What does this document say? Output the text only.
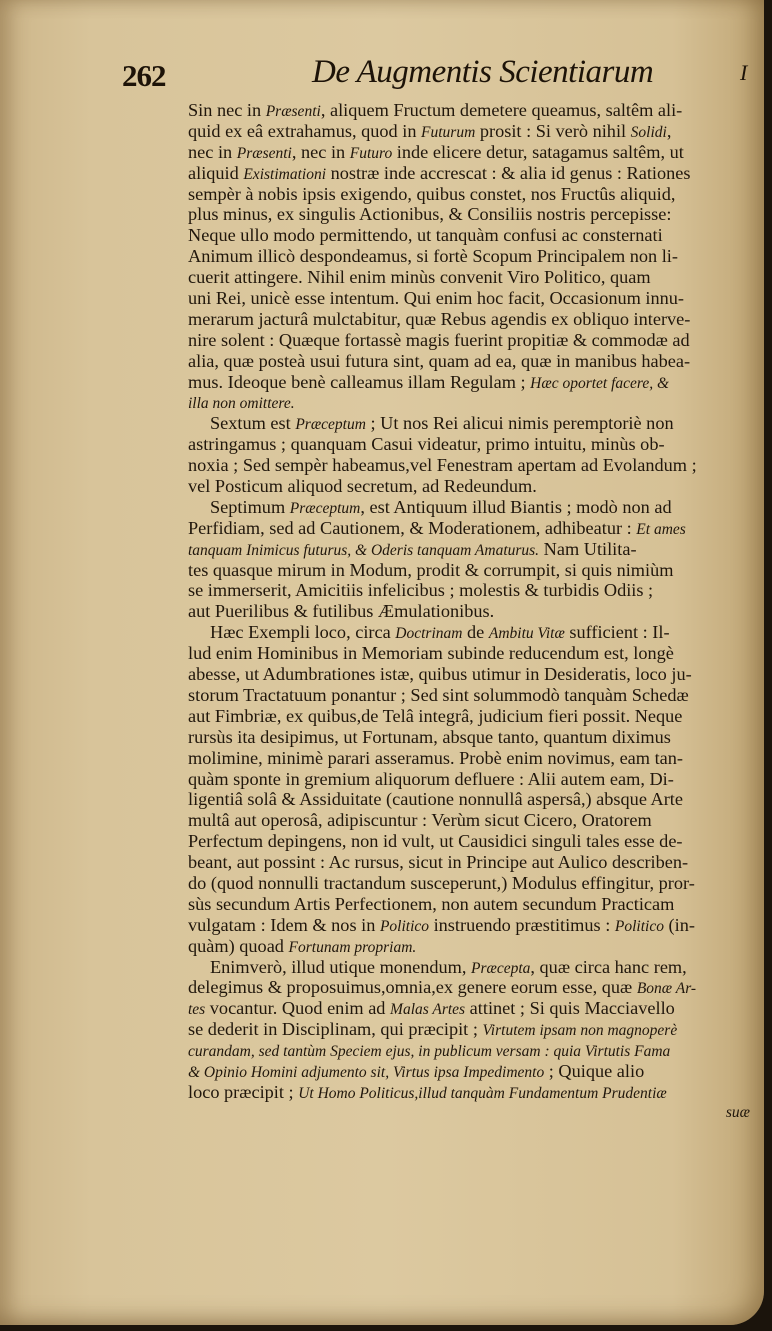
262	De Augmentis Scientiarum	I
Sin nec in Præsenti, aliquem Fructum demetere queamus, saltêm ali-
quid ex eâ extrahamus, quod in Futurum prosit : Si verò nihil Solidi,
nec in Præsenti, nec in Futuro inde elicere detur, satagamus saltêm, ut
aliquid Existimationi nostræ inde accrescat : & alia id genus : Rationes
sempèr à nobis ipsis exigendo, quibus constet, nos Fructûs aliquid,
plus minus, ex singulis Actionibus, & Consiliis nostris percepisse:
Neque ullo modo permittendo, ut tanquàm confusi ac consternati
Animum illicò despondeamus, si fortè Scopum Principalem non li-
cuerit attingere. Nihil enim minùs convenit Viro Politico, quam
uni Rei, unicè esse intentum. Qui enim hoc facit, Occasionum innu-
merarum jacturâ mulctabitur, quæ Rebus agendis ex obliquo interve-
nire solent : Quæque fortassè magis fuerint propitiæ & commodæ ad
alia, quæ posteà usui futura sint, quam ad ea, quæ in manibus habea-
mus. Ideoque benè calleamus illam Regulam ; Hæc oportet facere, &
illa non omittere.
Sextum est Præceptum ; Ut nos Rei alicui nimis peremptoriè non
astringamus ; quanquam Casui videatur, primo intuitu, minùs ob-
noxia ; Sed sempèr habeamus,vel Fenestram apertam ad Evolandum ;
vel Posticum aliquod secretum, ad Redeundum.
Septimum Præceptum, est Antiquum illud Biantis ; modò non ad
Perfidiam, sed ad Cautionem, & Moderationem, adhibeatur : Et ames
tanquam Inimicus futurus, & Oderis tanquam Amaturus. Nam Utilita-
tes quasque mirum in Modum, prodit & corrumpit, si quis nimiùm
se immerserit, Amicitiis infelicibus ; molestis & turbidis Odiis ;
aut Puerilibus & futilibus Æmulationibus.
Hæc Exempli loco, circa Doctrinam de Ambitu Vitæ sufficient : Il-
lud enim Hominibus in Memoriam subinde reducendum est, longè
abesse, ut Adumbrationes istæ, quibus utimur in Desideratis, loco ju-
storum Tractatuum ponantur ; Sed sint solummodò tanquàm Schedæ
aut Fimbriæ, ex quibus,de Telâ integrâ, judicium fieri possit. Neque
rursùs ita desipimus, ut Fortunam, absque tanto, quantum diximus
molimine, minimè parari asseramus. Probè enim novimus, eam tan-
quàm sponte in gremium aliquorum defluere : Alii autem eam, Di-
ligentiâ solâ & Assiduitate (cautione nonnullâ aspersâ,) absque Arte
multâ aut operosâ, adipiscuntur : Verùm sicut Cicero, Oratorem
Perfectum depingens, non id vult, ut Causidici singuli tales esse de-
beant, aut possint : Ac rursus, sicut in Principe aut Aulico describen-
do (quod nonnulli tractandum susceperunt,) Modulus effingitur, pror-
sùs secundum Artis Perfectionem, non autem secundum Practicam
vulgatam : Idem & nos in Politico instruendo præstitimus : Politico (in-
quàm) quoad Fortunam propriam.
Enimverò, illud utique monendum, Præcepta, quæ circa hanc rem,
delegimus & proposuimus,omnia,ex genere eorum esse, quæ Bonæ Ar-
tes vocantur. Quod enim ad Malas Artes attinet ; Si quis Macciavello
se dederit in Disciplinam, qui præcipit ; Virtutem ipsam non magnoperè
curandam, sed tantùm Speciem ejus, in publicum versam : quia Virtutis Fama
& Opinio Homini adjumento sit, Virtus ipsa Impedimento ; Quique alio
loco præcipit ; Ut Homo Politicus,illud tanquàm Fundamentum Prudentiæ
suæ
